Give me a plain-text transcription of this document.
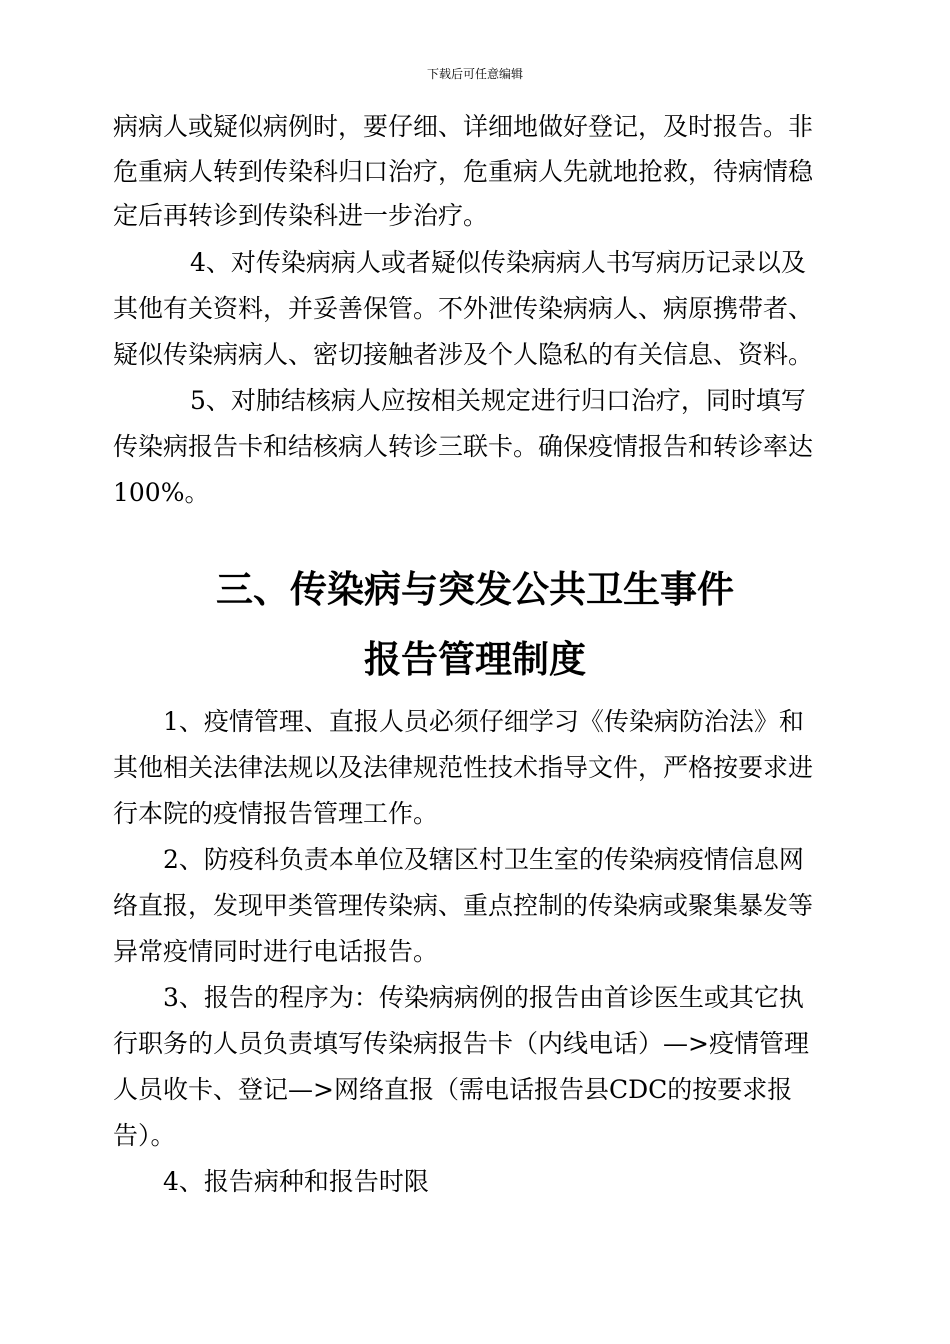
下载后可任意编辑
病病人或疑似病例时，要仔细、详细地做好登记，及时报告。非
危重病人转到传染科归口治疗，危重病人先就地抢救，待病情稳
定后再转诊到传染科进一步治疗。
4、对传染病病人或者疑似传染病病人书写病历记录以及
其他有关资料，并妥善保管。不外泄传染病病人、病原携带者、
疑似传染病病人、密切接触者涉及个人隐私的有关信息、资料。
5、对肺结核病人应按相关规定进行归口治疗，同时填写
传染病报告卡和结核病人转诊三联卡。确保疫情报告和转诊率达
100%。
三、传染病与突发公共卫生事件
报告管理制度
1、疫情管理、直报人员必须仔细学习《传染病防治法》和
其他相关法律法规以及法律规范性技术指导文件，严格按要求进
行本院的疫情报告管理工作。
2、防疫科负责本单位及辖区村卫生室的传染病疫情信息网
络直报，发现甲类管理传染病、重点控制的传染病或聚集暴发等
异常疫情同时进行电话报告。
3、报告的程序为：传染病病例的报告由首诊医生或其它执
行职务的人员负责填写传染病报告卡（内线电话）—>疫情管理
人员收卡、登记—>网络直报（需电话报告县CDC的按要求报
告）。
4、报告病种和报告时限
